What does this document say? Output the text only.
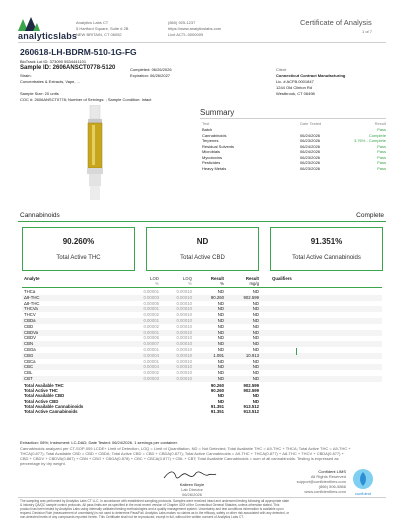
analyticslabs
Analytics Labs CT
5 Hartford Square, Suite # 2B
NEW BRITAIN, CT 06052
(860) 925-1237
https://www.analyticslabs.com
Lic# ACTL.0000009
Certificate of Analysis
1 of 7
260618-LH-BDRM-510-1G-FG
BioTrack Lot ID: 373090 5534441101
Sample ID: 2606ANSCT0778-5120
Strain:
Concentrates & Extracts, Vape, ...
Completed: 06/26/2026
Expiration: 06/26/2027
Client
Connecticut Contract Manufacturing
Lic. # ACFB.0001847
1244 Old Clinton Rd
Westbrook, CT 06498
Sample Size: 20 units
COC #: 2606ANSCT0778; Number of Servings: ; Sample Condition: Intact
Summary
Test	Date Tested	Result
Batch	Pass
Cannabinoids	06/24/2026	Complete
Terpenes	06/23/2026	3.76% - Complete
Residual Solvents	06/24/2026	Pass
Microbials	06/24/2026	Pass
Mycotoxins	06/23/2026	Pass
Pesticides	06/23/2026	Pass
Heavy Metals	06/23/2026	Pass
Cannabinoids	Complete
90.260%
Total Active THC
ND
Total Active CBD
91.351%
Total Active Cannabinoids
Analyte	LOD	LOQ	Result	Result	Qualifiers
%	%	%	mg/g
THCa	0.00001	0.00010	ND	ND
Δ9-THC	0.00003	0.00010	90.260	902.599
Δ8-THC	0.00005	0.00010	ND	ND
THCVa	0.00001	0.00010	ND	ND
THCV	0.00002	0.00010	ND	ND
CBDa	0.00001	0.00010	ND	ND
CBD	0.00002	0.00010	ND	ND
CBDVa	0.00001	0.00010	ND	ND
CBDV	0.00006	0.00010	ND	ND
CBN	0.00007	0.00010	ND	ND
CBGa	0.00001	0.00010	ND	ND
CBG	0.00004	0.00010	1.091	10.913
CBCa	0.00001	0.00010	ND	ND
CBC	0.00004	0.00010	ND	ND
CBL	0.00002	0.00010	ND	ND
CBT	0.00003	0.00010	ND	ND
Total Available THC	90.260	902.599
Total Active THC	90.260	902.599
Total Available CBD	ND	ND
Total Active CBD	ND	ND
Total Available Cannabinoids	91.351	913.512
Total Active Cannabinoids	91.351	913.512
Extraction: 08%; Instrument: LC-DAD; Date Tested: 06/24/2026. 1 servings per container.
Cannabinoids analyzed per CT-SOP-009 LCDE+ Limit of Detection, LOQ = Limit of Quantitation, ND = Not Detected; Total Available THC = Δ9-THC + THCA; Total Active THC = Δ9-THC +
THCA(0.877); Total Available CBD = CBD + CBDA; Total Active CBD = CBD + CBDA(0.877); Total Active Cannabinoids = Δ9-THC + THCA(0.877) + Δ8-THC + THCV + CBDA(0.877) +
CBD + CBDV + CBDVA(0.867) + CBN + CBG + CBGA(0.878) + CBC + CBCA(0.877) + CBL + CBT; Total Available Cannabinoids = sum of all cannabinoids. Testing is expressed as
percentage by dry weight.
Kaileen Boyle
Lab Director
06/26/2026
Confident LIMS
All Rights Reserved
support@confidentlims.com
(866) 506-5866
www.confidentlims.com	confident
The sampling was performed by Analytics Labs CT LLC. In accordance with established sampling protocols. Samples were received intact and underwent testing following all appropriate state
& industry QA/QC sample control protocols. All pass limits are as specified in the most recent version of Chapter 420f of the Connecticut General Statutes, unless otherwise stated. This
product has been tested by Analytics Labs using internally validated testing methodologies and a quality management system. Uncertainty and test conditions information is available upon
request. Decision Rule (measurement of uncertainty) is not used to determine Pass/Fail. Analytics Labs makes no claims as to the efficacy, safety or other risk associated with any detected, or
non-detected levels of any compounds reported herein. This Certificate shall not be reproduced, except in full, without the written consent of Analytics Labs CT.
